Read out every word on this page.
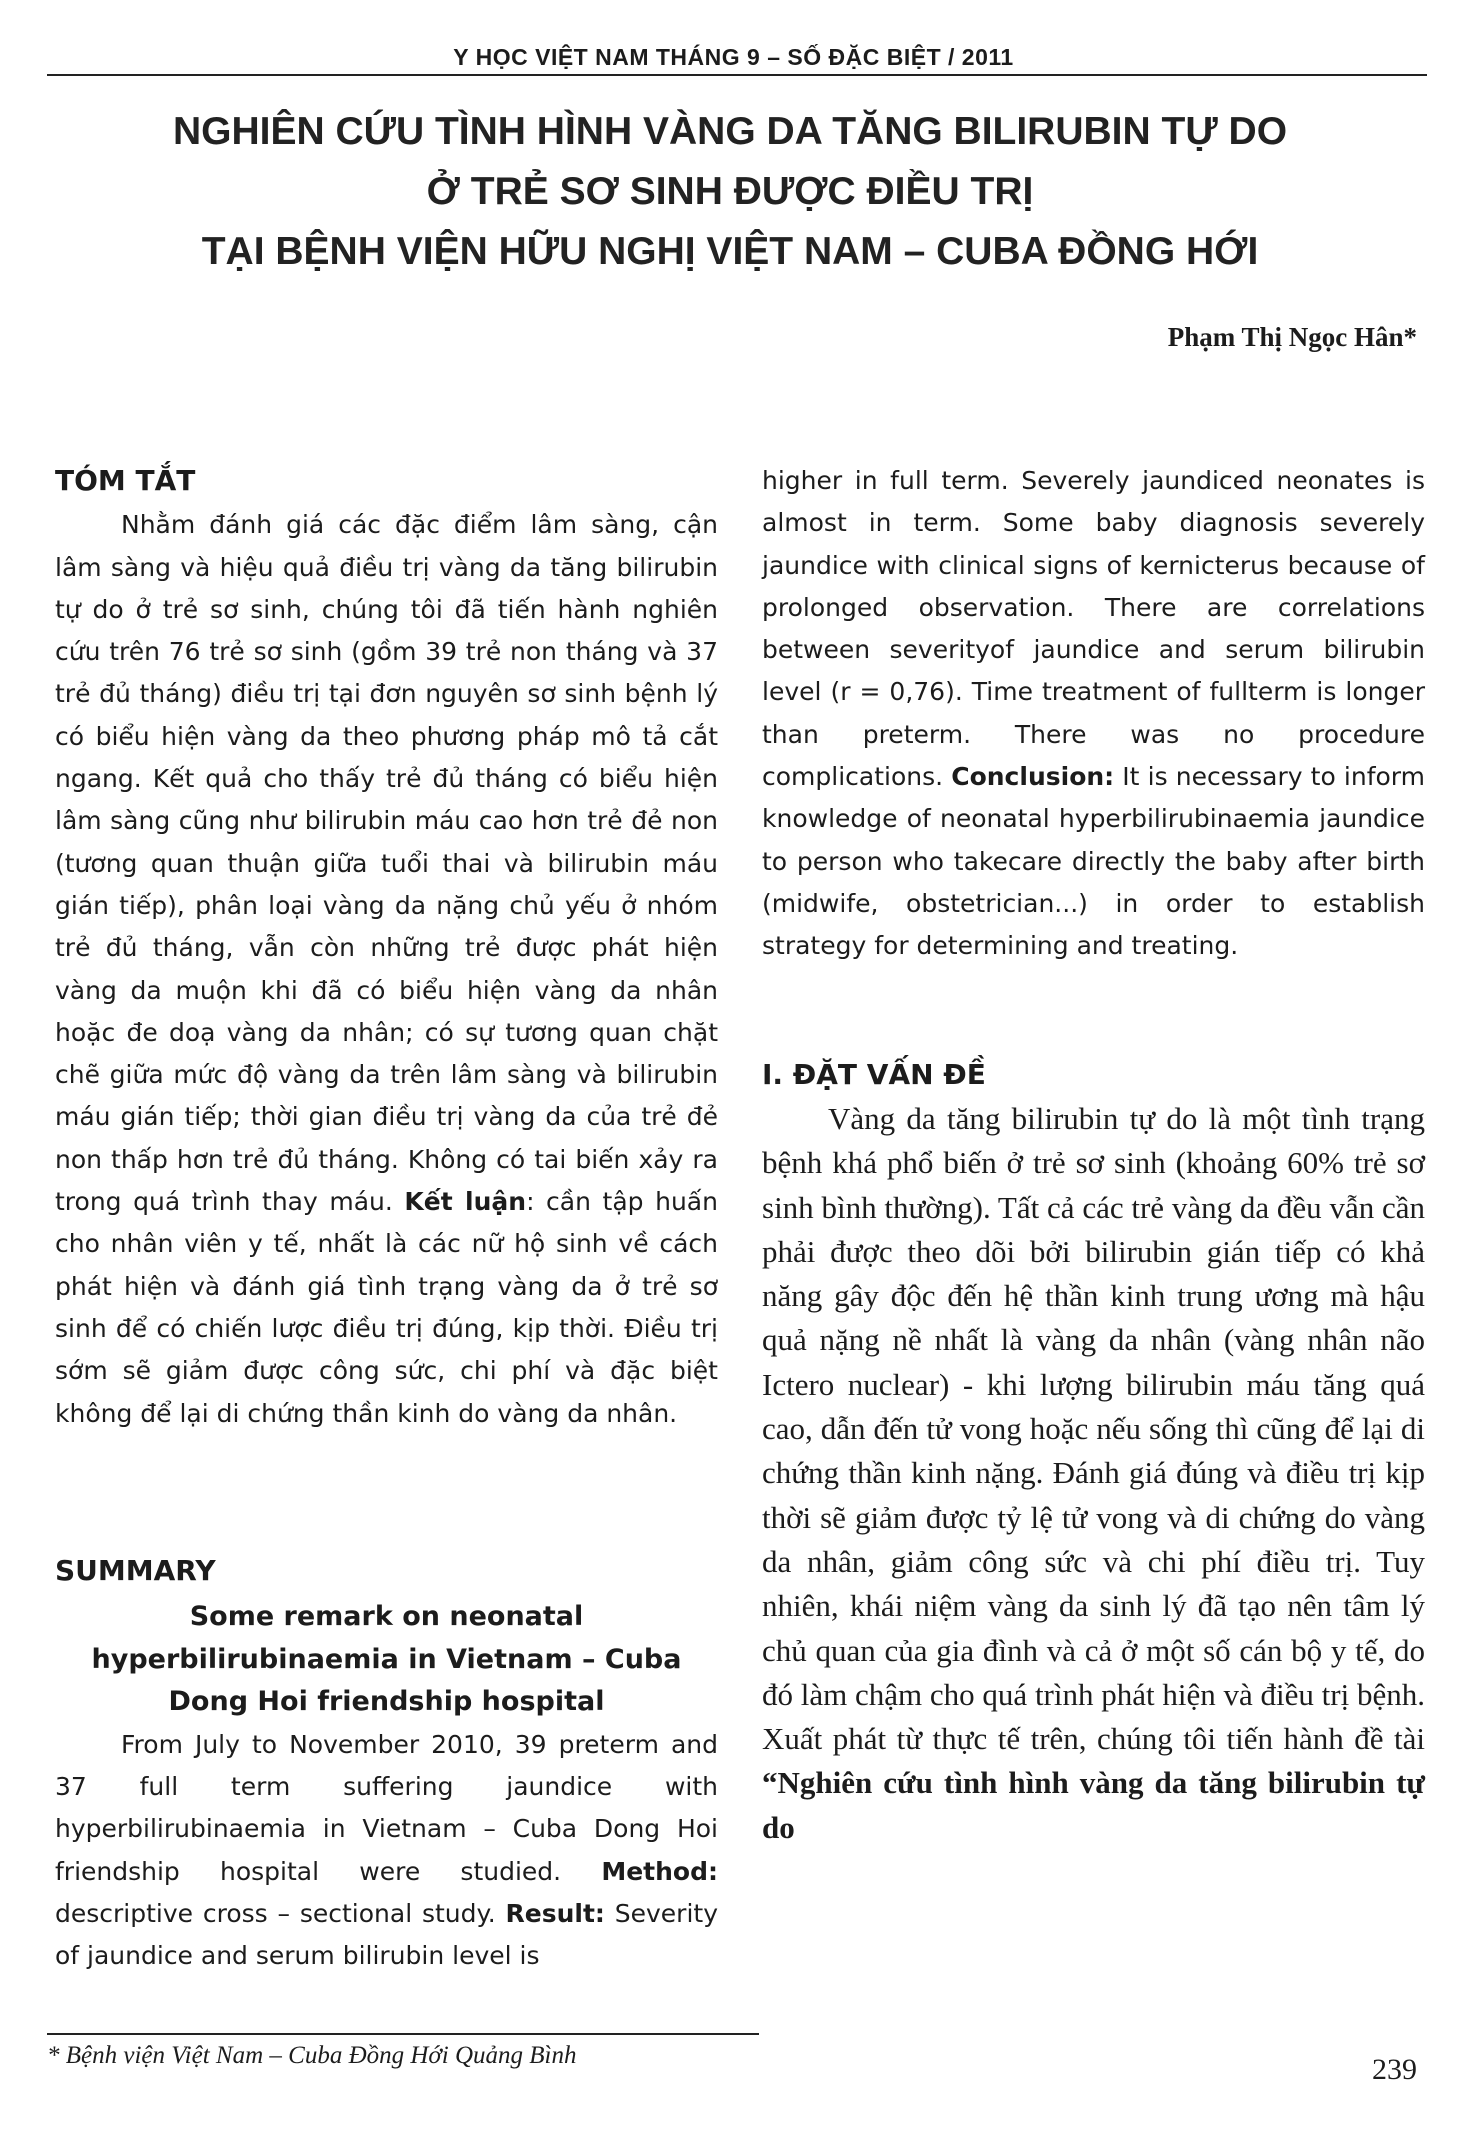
Y HỌC VIỆT NAM THÁNG 9 – SỐ ĐẶC BIỆT / 2011
NGHIÊN CỨU TÌNH HÌNH VÀNG DA TĂNG BILIRUBIN TỰ DO
Ở TRẺ SƠ SINH ĐƯỢC ĐIỀU TRỊ
TẠI BỆNH VIỆN HỮU NGHỊ VIỆT NAM – CUBA ĐỒNG HỚI
Phạm Thị Ngọc Hân*
TÓM TẮT
Nhằm đánh giá các đặc điểm lâm sàng, cận lâm sàng và hiệu quả điều trị vàng da tăng bilirubin tự do ở trẻ sơ sinh, chúng tôi đã tiến hành nghiên cứu trên 76 trẻ sơ sinh (gồm 39 trẻ non tháng và 37 trẻ đủ tháng) điều trị tại đơn nguyên sơ sinh bệnh lý có biểu hiện vàng da theo phương pháp mô tả cắt ngang. Kết quả cho thấy trẻ đủ tháng có biểu hiện lâm sàng cũng như bilirubin máu cao hơn trẻ đẻ non (tương quan thuận giữa tuổi thai và bilirubin máu gián tiếp), phân loại vàng da nặng chủ yếu ở nhóm trẻ đủ tháng, vẫn còn những trẻ được phát hiện vàng da muộn khi đã có biểu hiện vàng da nhân hoặc đe doạ vàng da nhân; có sự tương quan chặt chẽ giữa mức độ vàng da trên lâm sàng và bilirubin máu gián tiếp; thời gian điều trị vàng da của trẻ đẻ non thấp hơn trẻ đủ tháng. Không có tai biến xảy ra trong quá trình thay máu. Kết luận: cần tập huấn cho nhân viên y tế, nhất là các nữ hộ sinh về cách phát hiện và đánh giá tình trạng vàng da ở trẻ sơ sinh để có chiến lược điều trị đúng, kịp thời. Điều trị sớm sẽ giảm được công sức, chi phí và đặc biệt không để lại di chứng thần kinh do vàng da nhân.
SUMMARY
Some remark on neonatal
hyperbilirubinaemia in Vietnam – Cuba
Dong Hoi friendship hospital
From July to November 2010, 39 preterm and 37 full term suffering jaundice with hyperbilirubinaemia in Vietnam – Cuba Dong Hoi friendship hospital were studied. Method: descriptive cross – sectional study. Result: Severity of jaundice and serum bilirubin level is
higher in full term. Severely jaundiced neonates is almost in term. Some baby diagnosis severely jaundice with clinical signs of kernicterus because of prolonged observation. There are correlations between severityof jaundice and serum bilirubin level (r = 0,76). Time treatment of fullterm is longer than preterm. There was no procedure complications. Conclusion: It is necessary to inform knowledge of neonatal hyperbilirubinaemia jaundice to person who takecare directly the baby after birth (midwife, obstetrician...) in order to establish strategy for determining and treating.
I. ĐẶT VẤN ĐỀ
Vàng da tăng bilirubin tự do là một tình trạng bệnh khá phổ biến ở trẻ sơ sinh (khoảng 60% trẻ sơ sinh bình thường). Tất cả các trẻ vàng da đều vẫn cần phải được theo dõi bởi bilirubin gián tiếp có khả năng gây độc đến hệ thần kinh trung ương mà hậu quả nặng nề nhất là vàng da nhân (vàng nhân não Ictero nuclear) - khi lượng bilirubin máu tăng quá cao, dẫn đến tử vong hoặc nếu sống thì cũng để lại di chứng thần kinh nặng. Đánh giá đúng và điều trị kịp thời sẽ giảm được tỷ lệ tử vong và di chứng do vàng da nhân, giảm công sức và chi phí điều trị. Tuy nhiên, khái niệm vàng da sinh lý đã tạo nên tâm lý chủ quan của gia đình và cả ở một số cán bộ y tế, do đó làm chậm cho quá trình phát hiện và điều trị bệnh. Xuất phát từ thực tế trên, chúng tôi tiến hành đề tài “Nghiên cứu tình hình vàng da tăng bilirubin tự do
* Bệnh viện Việt Nam – Cuba Đồng Hới Quảng Bình	239
